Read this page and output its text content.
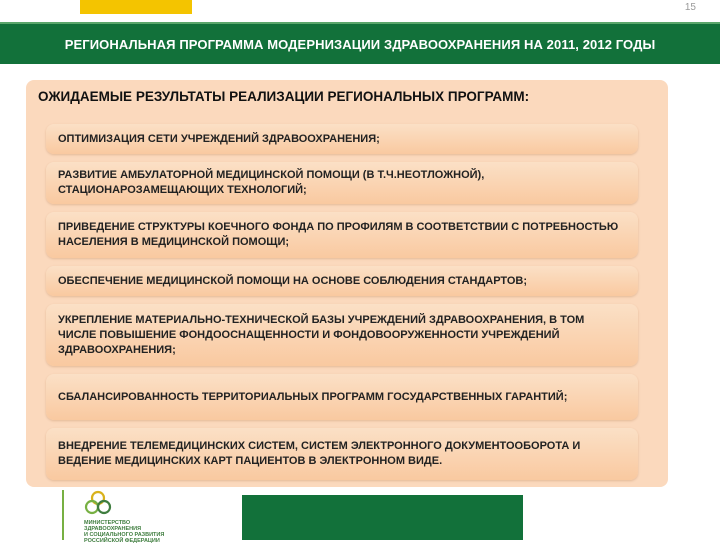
15
РЕГИОНАЛЬНАЯ ПРОГРАММА МОДЕРНИЗАЦИИ ЗДРАВООХРАНЕНИЯ НА 2011, 2012 ГОДЫ
ОЖИДАЕМЫЕ РЕЗУЛЬТАТЫ РЕАЛИЗАЦИИ РЕГИОНАЛЬНЫХ ПРОГРАММ:
ОПТИМИЗАЦИЯ СЕТИ УЧРЕЖДЕНИЙ ЗДРАВООХРАНЕНИЯ;
РАЗВИТИЕ АМБУЛАТОРНОЙ МЕДИЦИНСКОЙ ПОМОЩИ (В Т.Ч.НЕОТЛОЖНОЙ), СТАЦИОНАРОЗАМЕЩАЮЩИХ ТЕХНОЛОГИЙ;
ПРИВЕДЕНИЕ СТРУКТУРЫ КОЕЧНОГО ФОНДА ПО ПРОФИЛЯМ В СООТВЕТСТВИИ С ПОТРЕБНОСТЬЮ НАСЕЛЕНИЯ В МЕДИЦИНСКОЙ ПОМОЩИ;
ОБЕСПЕЧЕНИЕ МЕДИЦИНСКОЙ ПОМОЩИ НА ОСНОВЕ СОБЛЮДЕНИЯ СТАНДАРТОВ;
УКРЕПЛЕНИЕ МАТЕРИАЛЬНО-ТЕХНИЧЕСКОЙ БАЗЫ УЧРЕЖДЕНИЙ ЗДРАВООХРАНЕНИЯ, В ТОМ ЧИСЛЕ ПОВЫШЕНИЕ ФОНДООСНАЩЕННОСТИ И ФОНДОВООРУЖЕННОСТИ УЧРЕЖДЕНИЙ ЗДРАВООХРАНЕНИЯ;
СБАЛАНСИРОВАННОСТЬ ТЕРРИТОРИАЛЬНЫХ ПРОГРАММ ГОСУДАРСТВЕННЫХ ГАРАНТИЙ;
ВНЕДРЕНИЕ ТЕЛЕМЕДИЦИНСКИХ СИСТЕМ, СИСТЕМ ЭЛЕКТРОННОГО ДОКУМЕНТООБОРОТА И ВЕДЕНИЕ МЕДИЦИНСКИХ КАРТ ПАЦИЕНТОВ В ЭЛЕКТРОННОМ ВИДЕ.
МИНИСТЕРСТВО
ЗДРАВООХРАНЕНИЯ
И СОЦИАЛЬНОГО РАЗВИТИЯ
РОССИЙСКОЙ ФЕДЕРАЦИИ
